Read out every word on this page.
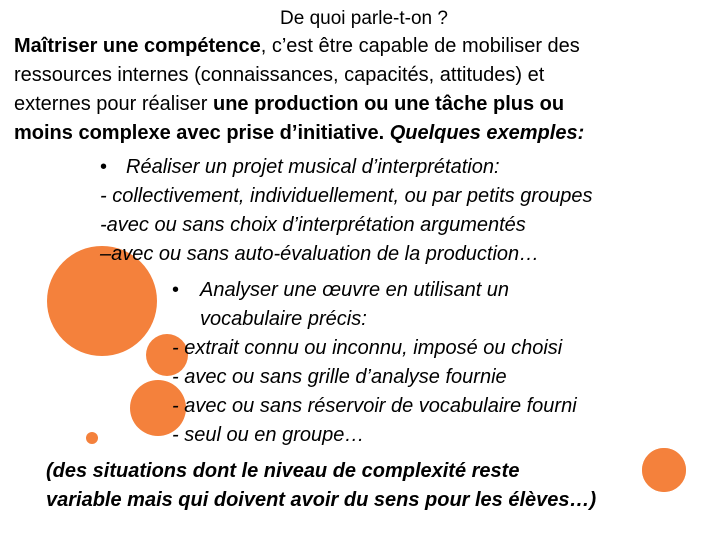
De quoi parle-t-on ?
Maîtriser une compétence, c’est être capable de mobiliser des
ressources internes (connaissances, capacités, attitudes) et
externes pour réaliser une production ou une tâche plus ou
moins complexe avec prise d’initiative. Quelques exemples:
• Réaliser un projet musical d’interprétation:
- collectivement, individuellement, ou par petits groupes
-avec ou sans choix d’interprétation argumentés
–avec ou sans auto-évaluation de la production…
• Analyser une œuvre en utilisant un
vocabulaire précis:
- extrait connu ou inconnu, imposé ou choisi
- avec ou sans grille d’analyse fournie
- avec ou sans réservoir de vocabulaire fourni
- seul ou en groupe…
(des situations dont le niveau de complexité reste
variable mais qui doivent avoir du sens pour les élèves…)
